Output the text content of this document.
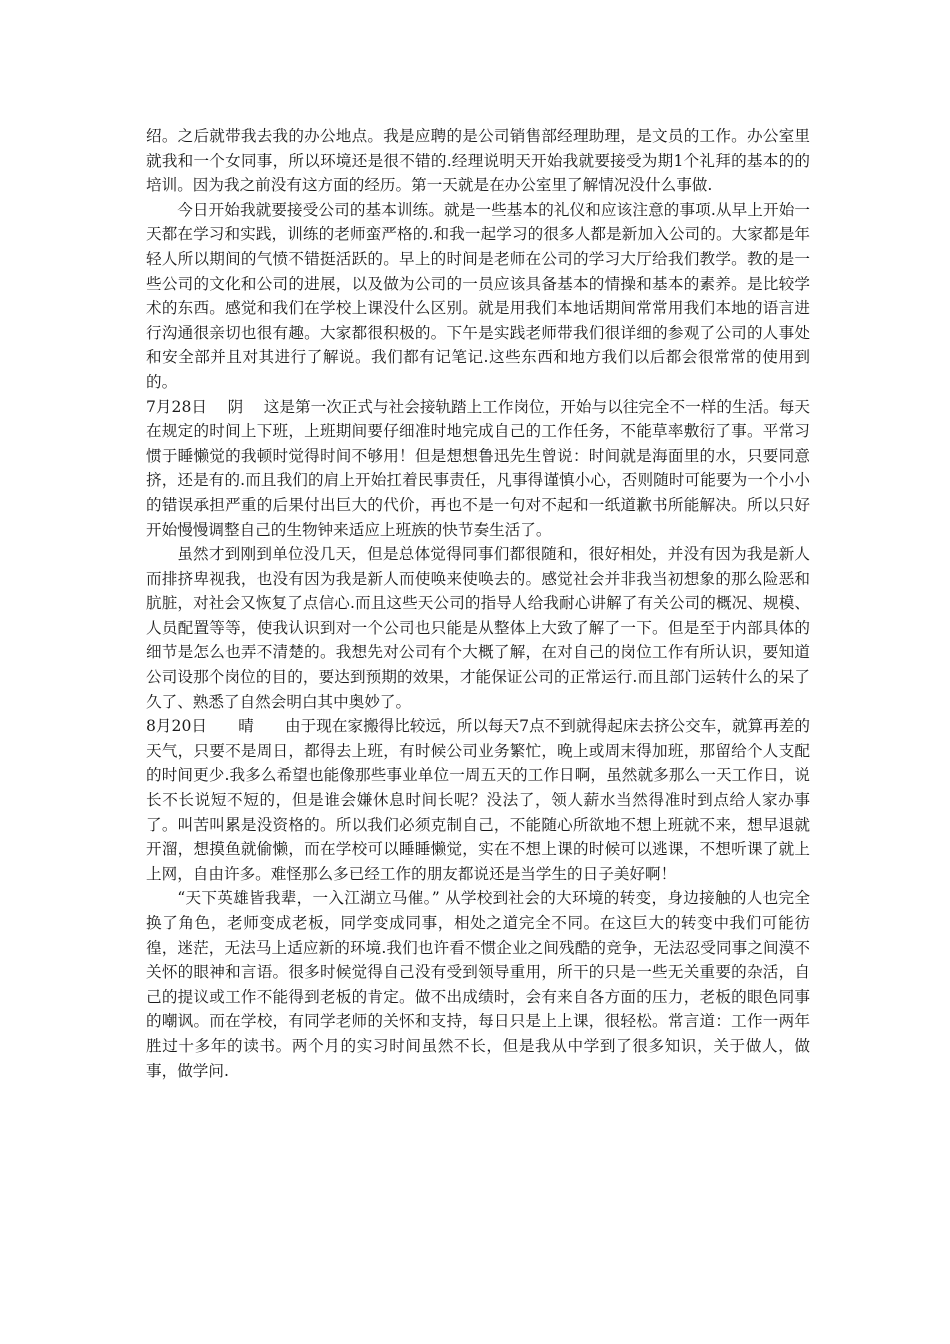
绍。之后就带我去我的办公地点。我是应聘的是公司销售部经理助理，是文员的工作。办公室里就我和一个女同事，所以环境还是很不错的.经理说明天开始我就要接受为期1个礼拜的基本的的培训。因为我之前没有这方面的经历。第一天就是在办公室里了解情况没什么事做.

今日开始我就要接受公司的基本训练。就是一些基本的礼仪和应该注意的事项.从早上开始一天都在学习和实践，训练的老师蛮严格的.和我一起学习的很多人都是新加入公司的。大家都是年轻人所以期间的气愤不错挺活跃的。早上的时间是老师在公司的学习大厅给我们教学。教的是一些公司的文化和公司的进展，以及做为公司的一员应该具备基本的情操和基本的素养。是比较学术的东西。感觉和我们在学校上课没什么区别。就是用我们本地话期间常常用我们本地的语言进行沟通很亲切也很有趣。大家都很积极的。下午是实践老师带我们很详细的参观了公司的人事处和安全部并且对其进行了解说。我们都有记笔记.这些东西和地方我们以后都会很常常的使用到的。

7月28日　 阴　 这是第一次正式与社会接轨踏上工作岗位，开始与以往完全不一样的生活。每天在规定的时间上下班，上班期间要仔细准时地完成自己的工作任务，不能草率敷衍了事。平常习惯于睡懒觉的我顿时觉得时间不够用！但是想想鲁迅先生曾说：时间就是海面里的水，只要同意挤，还是有的.而且我们的肩上开始扛着民事责任，凡事得谨慎小心，否则随时可能要为一个小小的错误承担严重的后果付出巨大的代价，再也不是一句对不起和一纸道歉书所能解决。所以只好开始慢慢调整自己的生物钟来适应上班族的快节奏生活了。

虽然才到刚到单位没几天，但是总体觉得同事们都很随和，很好相处，并没有因为我是新人而排挤卑视我，也没有因为我是新人而使唤来使唤去的。感觉社会并非我当初想象的那么险恶和肮脏，对社会又恢复了点信心.而且这些天公司的指导人给我耐心讲解了有关公司的概况、规模、人员配置等等，使我认识到对一个公司也只能是从整体上大致了解了一下。但是至于内部具体的细节是怎么也弄不清楚的。我想先对公司有个大概了解，在对自己的岗位工作有所认识，要知道公司设那个岗位的目的，要达到预期的效果，才能保证公司的正常运行.而且部门运转什么的呆了久了、熟悉了自然会明白其中奥妙了。

8月20日　　晴　　由于现在家搬得比较远，所以每天7点不到就得起床去挤公交车，就算再差的天气，只要不是周日，都得去上班，有时候公司业务繁忙，晚上或周末得加班，那留给个人支配的时间更少.我多么希望也能像那些事业单位一周五天的工作日啊，虽然就多那么一天工作日，说长不长说短不短的，但是谁会嫌休息时间长呢？没法了，领人薪水当然得准时到点给人家办事了。叫苦叫累是没资格的。所以我们必须克制自己，不能随心所欲地不想上班就不来，想早退就开溜，想摸鱼就偷懒，而在学校可以睡睡懒觉，实在不想上课的时候可以逃课，不想听课了就上上网，自由许多。难怪那么多已经工作的朋友都说还是当学生的日子美好啊！

“天下英雄皆我辈，一入江湖立马催。” 从学校到社会的大环境的转变，身边接触的人也完全换了角色，老师变成老板，同学变成同事，相处之道完全不同。在这巨大的转变中我们可能彷徨，迷茫，无法马上适应新的环境.我们也许看不惯企业之间残酷的竞争，无法忍受同事之间漠不关怀的眼神和言语。很多时候觉得自己没有受到领导重用，所干的只是一些无关重要的杂活，自己的提议或工作不能得到老板的肯定。做不出成绩时，会有来自各方面的压力，老板的眼色同事的嘲讽。而在学校，有同学老师的关怀和支持，每日只是上上课，很轻松。常言道：工作一两年胜过十多年的读书。两个月的实习时间虽然不长，但是我从中学到了很多知识，关于做人，做事，做学问.
